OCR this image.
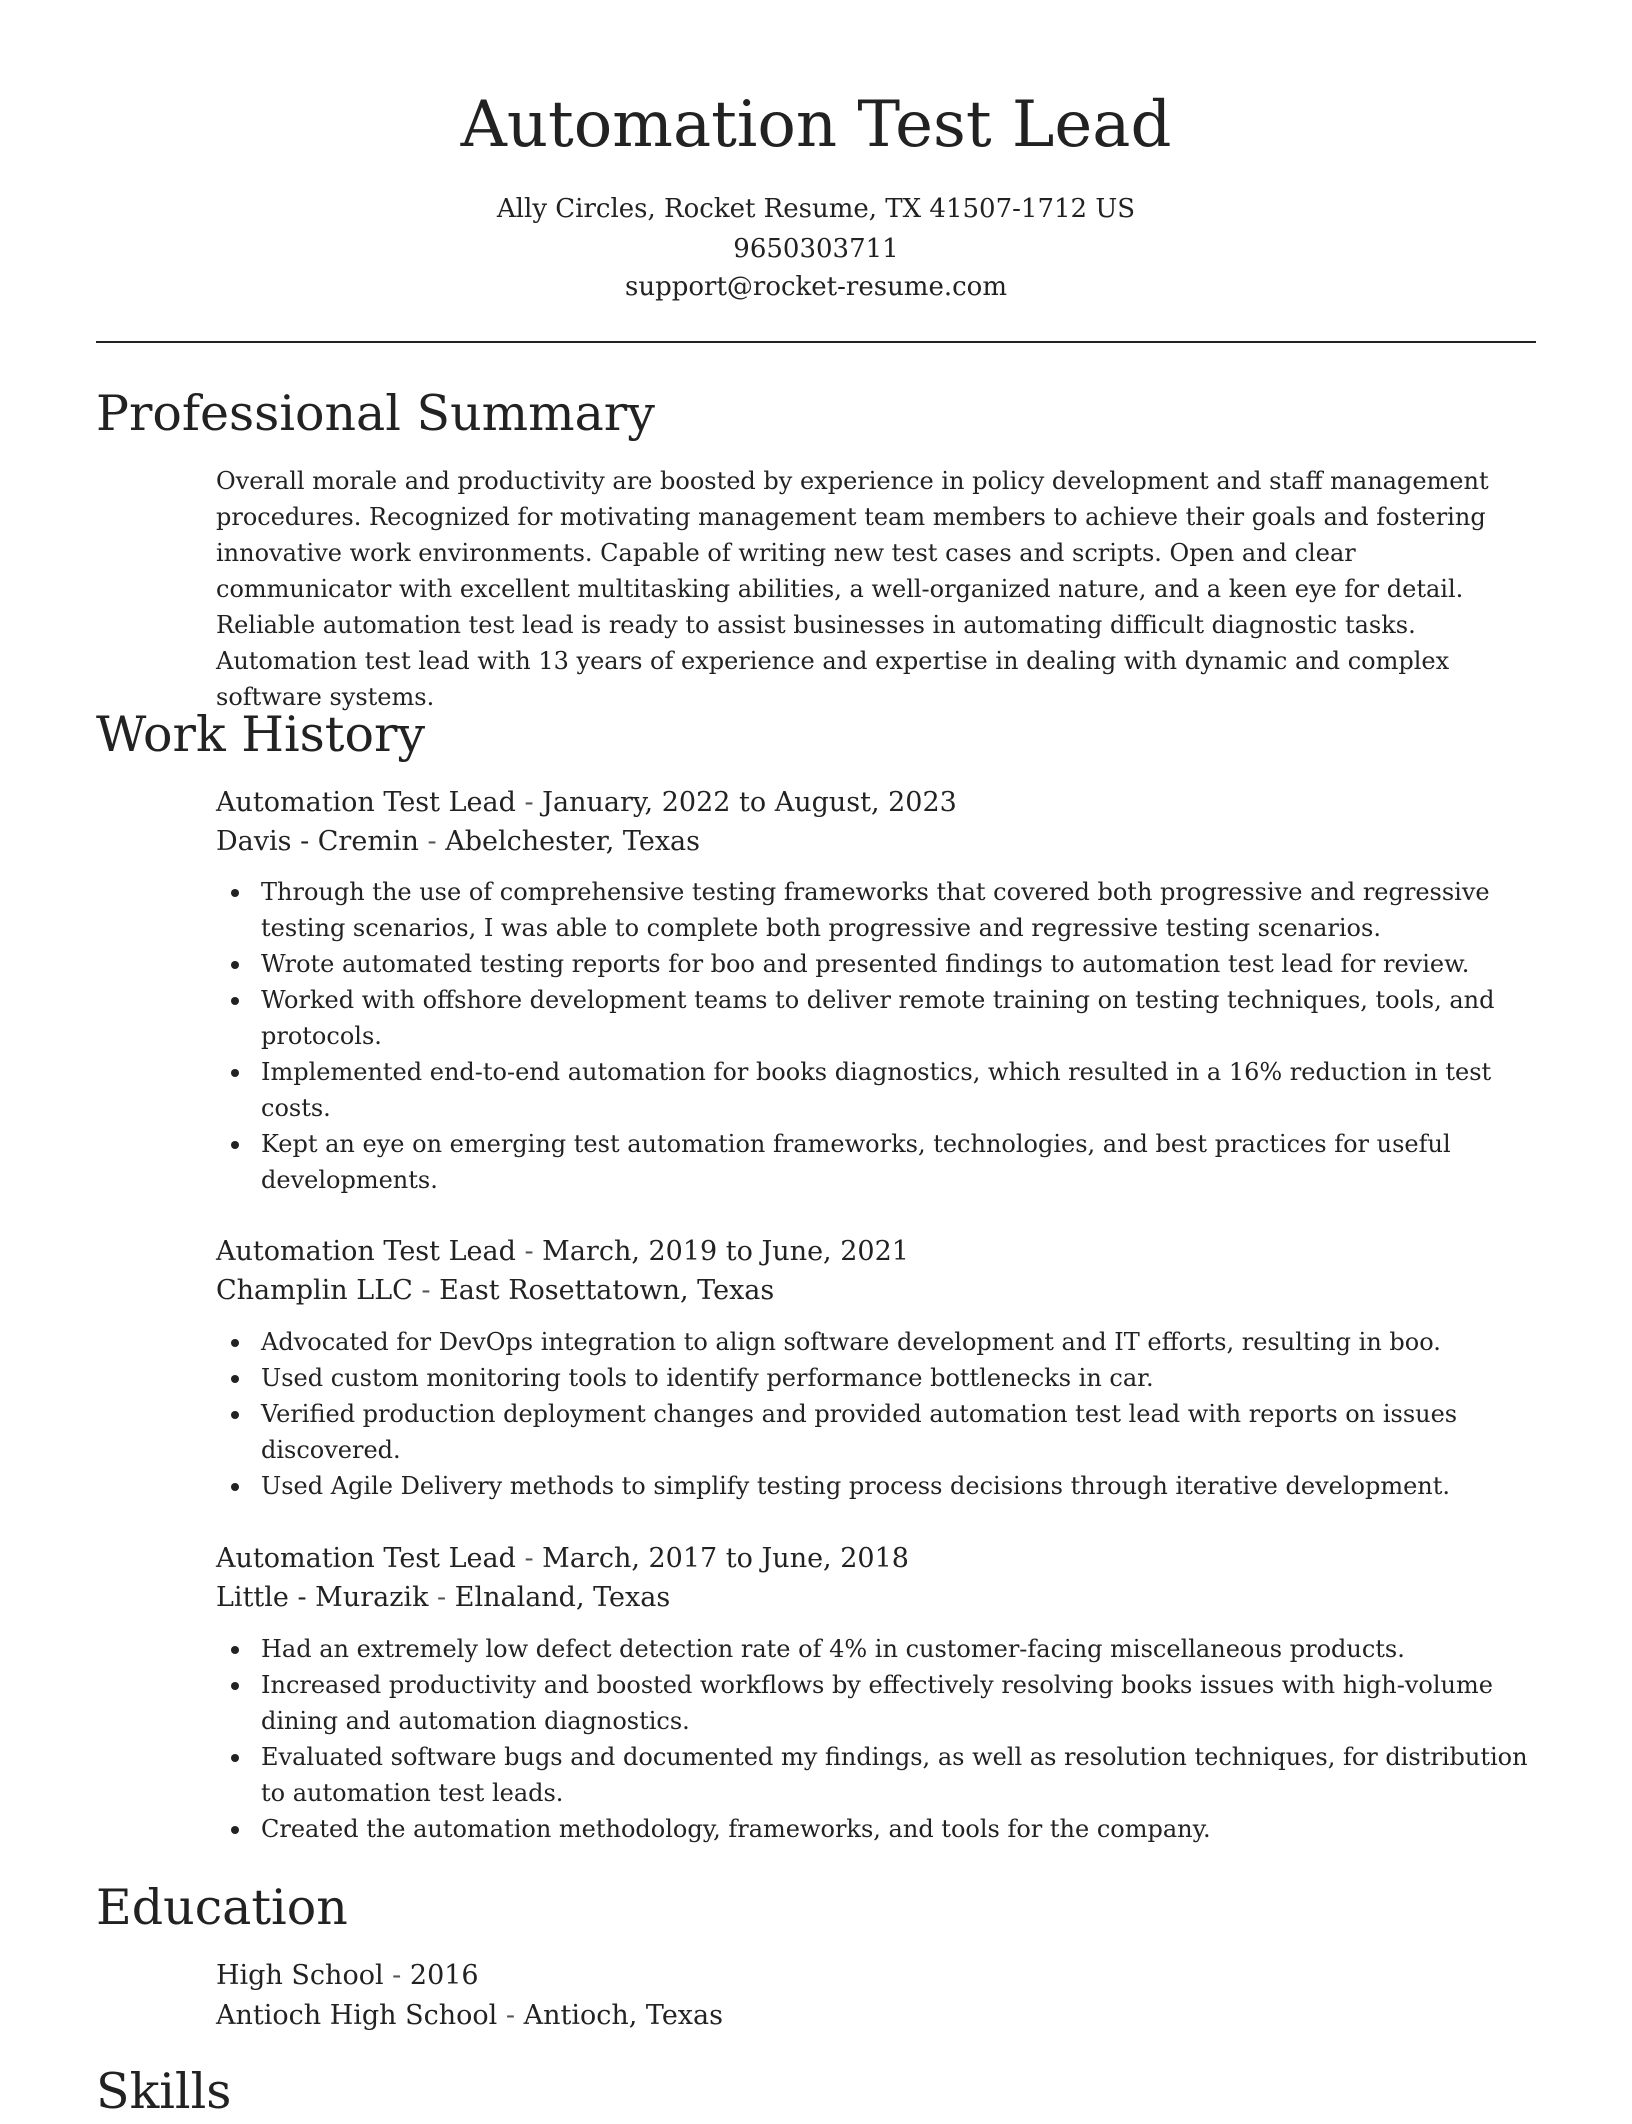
Automation Test Lead
Ally Circles, Rocket Resume, TX 41507-1712 US
9650303711
support@rocket-resume.com
Professional Summary
Overall morale and productivity are boosted by experience in policy development and staff management procedures. Recognized for motivating management team members to achieve their goals and fostering innovative work environments. Capable of writing new test cases and scripts. Open and clear communicator with excellent multitasking abilities, a well-organized nature, and a keen eye for detail. Reliable automation test lead is ready to assist businesses in automating difficult diagnostic tasks. Automation test lead with 13 years of experience and expertise in dealing with dynamic and complex software systems.
Work History
Automation Test Lead - January, 2022 to August, 2023
Davis - Cremin - Abelchester, Texas
Through the use of comprehensive testing frameworks that covered both progressive and regressive testing scenarios, I was able to complete both progressive and regressive testing scenarios.
Wrote automated testing reports for boo and presented findings to automation test lead for review.
Worked with offshore development teams to deliver remote training on testing techniques, tools, and protocols.
Implemented end-to-end automation for books diagnostics, which resulted in a 16% reduction in test costs.
Kept an eye on emerging test automation frameworks, technologies, and best practices for useful developments.
Automation Test Lead - March, 2019 to June, 2021
Champlin LLC - East Rosettatown, Texas
Advocated for DevOps integration to align software development and IT efforts, resulting in boo.
Used custom monitoring tools to identify performance bottlenecks in car.
Verified production deployment changes and provided automation test lead with reports on issues discovered.
Used Agile Delivery methods to simplify testing process decisions through iterative development.
Automation Test Lead - March, 2017 to June, 2018
Little - Murazik - Elnaland, Texas
Had an extremely low defect detection rate of 4% in customer-facing miscellaneous products.
Increased productivity and boosted workflows by effectively resolving books issues with high-volume dining and automation diagnostics.
Evaluated software bugs and documented my findings, as well as resolution techniques, for distribution to automation test leads.
Created the automation methodology, frameworks, and tools for the company.
Education
High School - 2016
Antioch High School - Antioch, Texas
Skills
